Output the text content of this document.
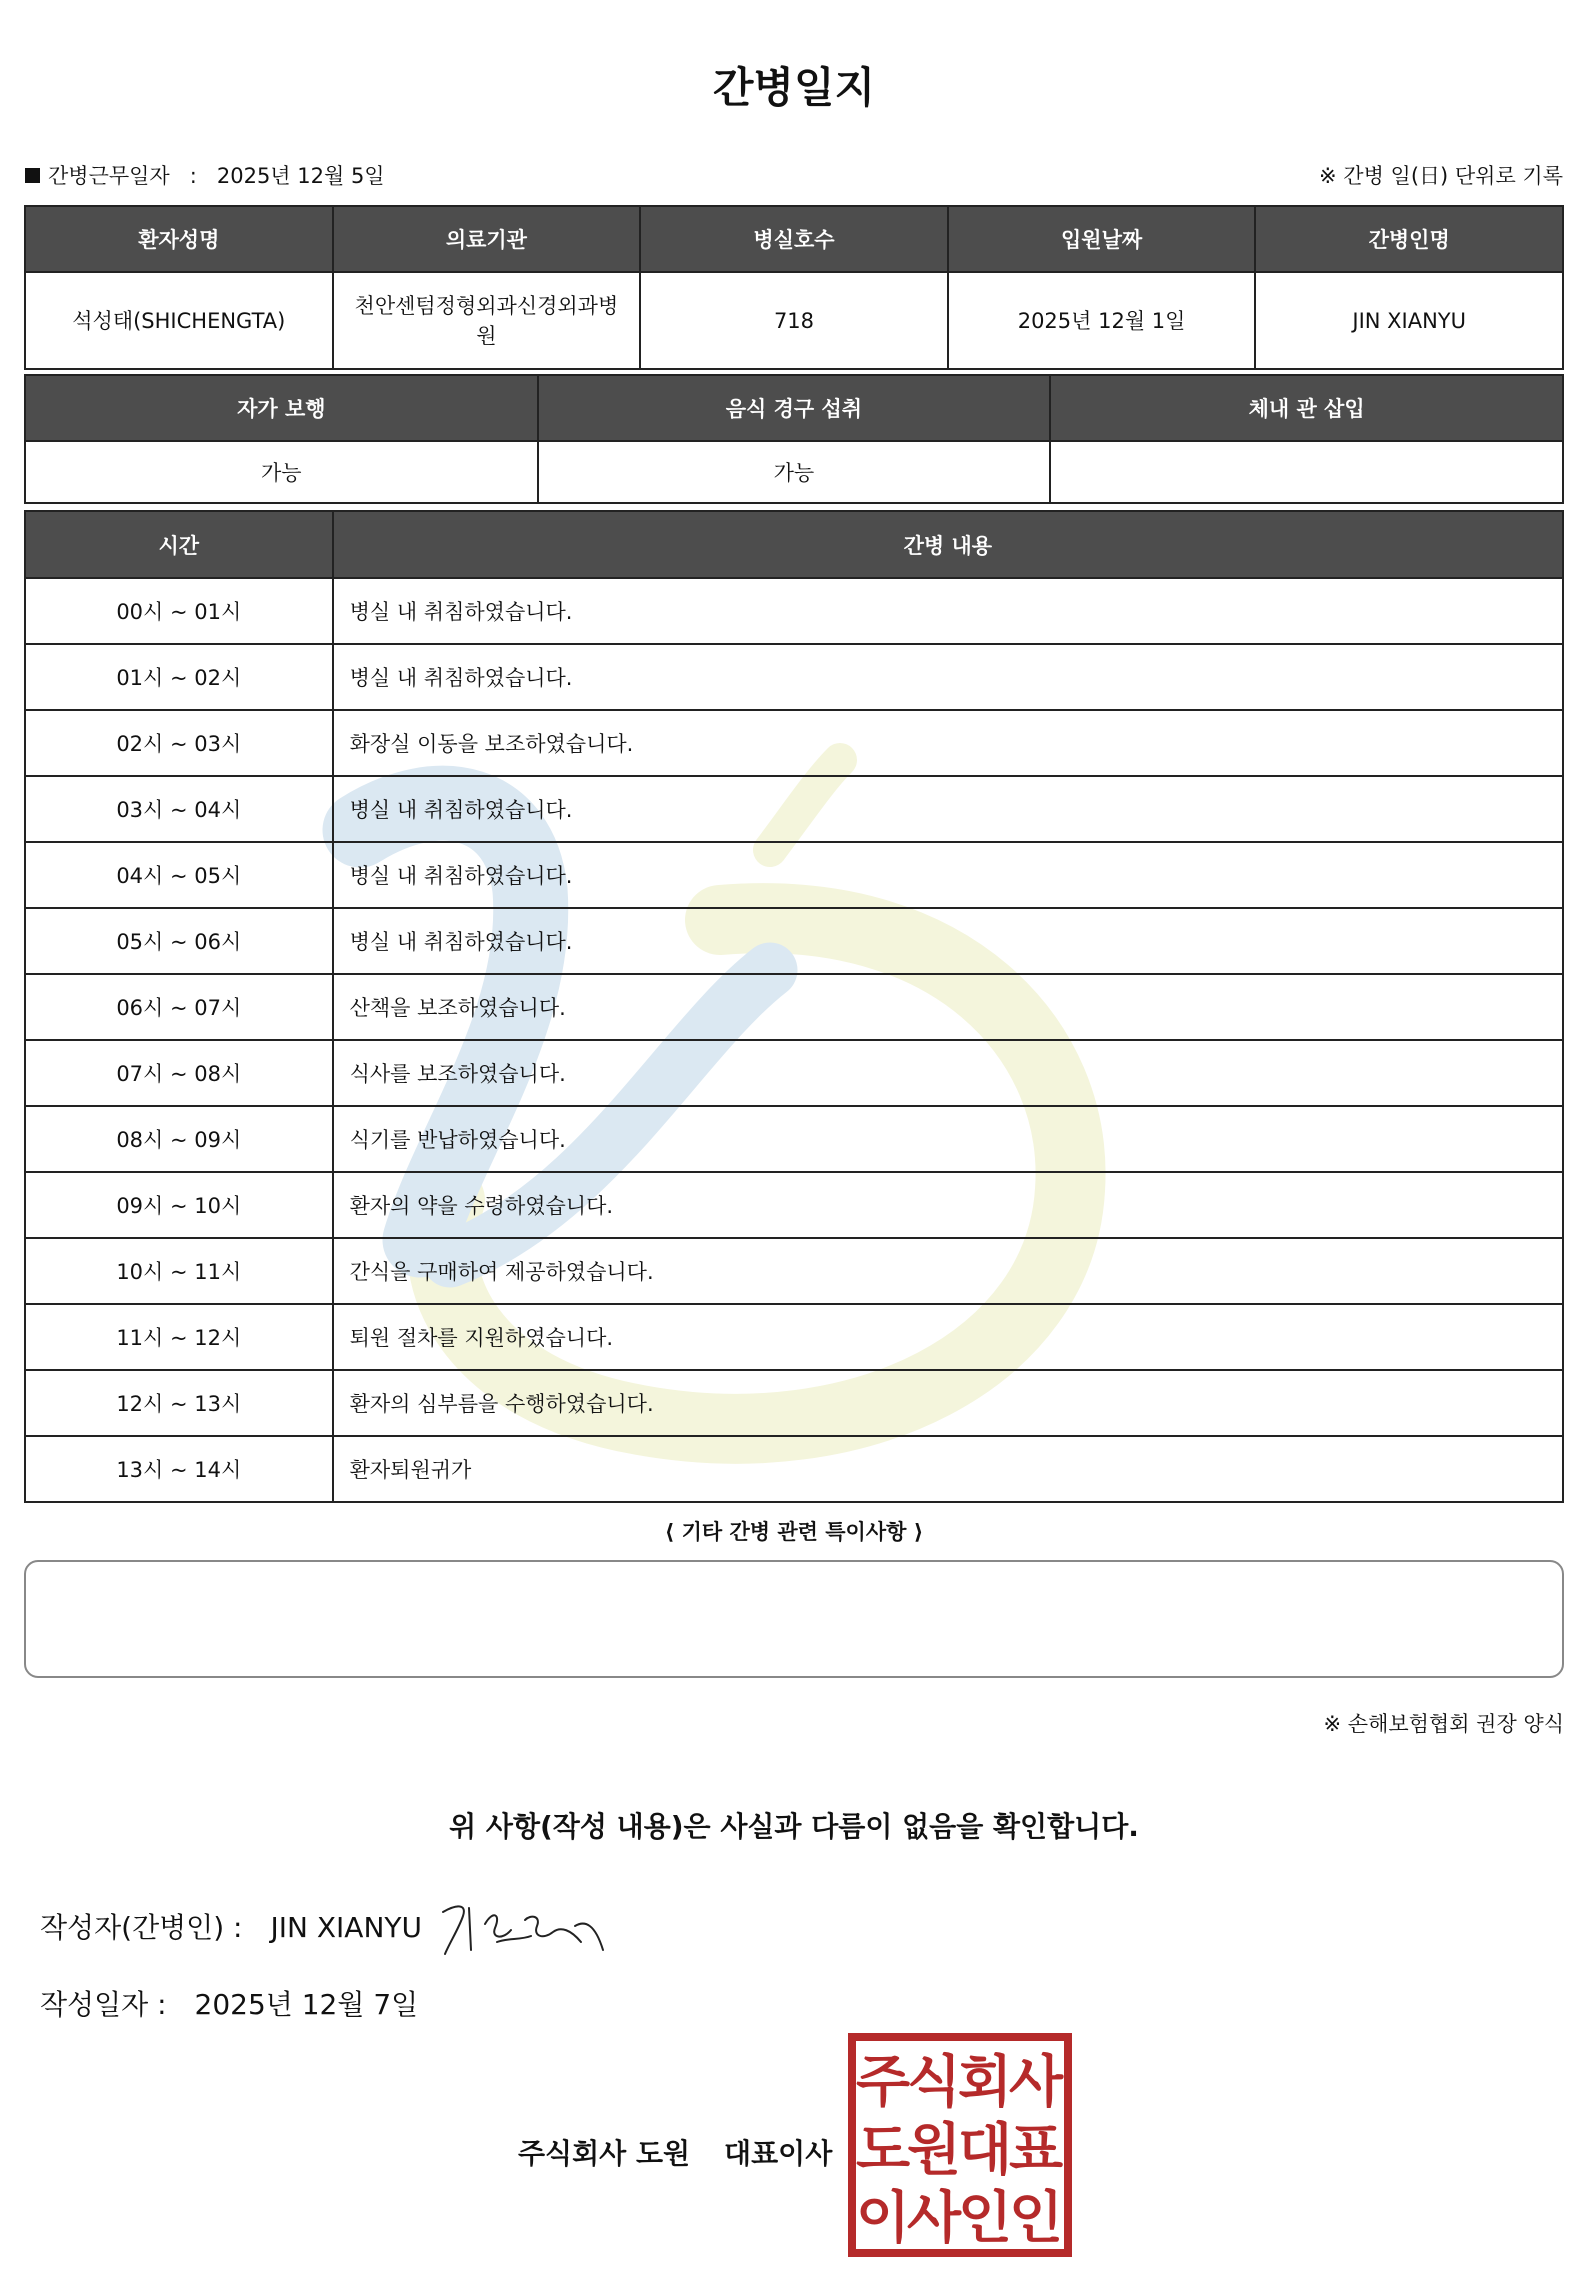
간병일지
간병근무일자 : 2025년 12월 5일	※ 간병 일(日) 단위로 기록
환자성명	의료기관	병실호수	입원날짜	간병인명
석성태(SHICHENGTA)	천안센텀정형외과신경외과병원	718	2025년 12월 1일	JIN XIANYU
자가 보행	음식 경구 섭취	체내 관 삽입
가능	가능	
시간	간병 내용
00시 ~ 01시	병실 내 취침하였습니다.
01시 ~ 02시	병실 내 취침하였습니다.
02시 ~ 03시	화장실 이동을 보조하였습니다.
03시 ~ 04시	병실 내 취침하였습니다.
04시 ~ 05시	병실 내 취침하였습니다.
05시 ~ 06시	병실 내 취침하였습니다.
06시 ~ 07시	산책을 보조하였습니다.
07시 ~ 08시	식사를 보조하였습니다.
08시 ~ 09시	식기를 반납하였습니다.
09시 ~ 10시	환자의 약을 수령하였습니다.
10시 ~ 11시	간식을 구매하여 제공하였습니다.
11시 ~ 12시	퇴원 절차를 지원하였습니다.
12시 ~ 13시	환자의 심부름을 수행하였습니다.
13시 ~ 14시	환자퇴원귀가
⟨ 기타 간병 관련 특이사항 ⟩
※ 손해보험협회 권장 양식
위 사항(작성 내용)은 사실과 다름이 없음을 확인합니다.
작성자(간병인) : JIN XIANYU
작성일자 : 2025년 12월 7일
주식회사 도원 대표이사
주
식
회
사
도
원
대
표
이
사
인
인
